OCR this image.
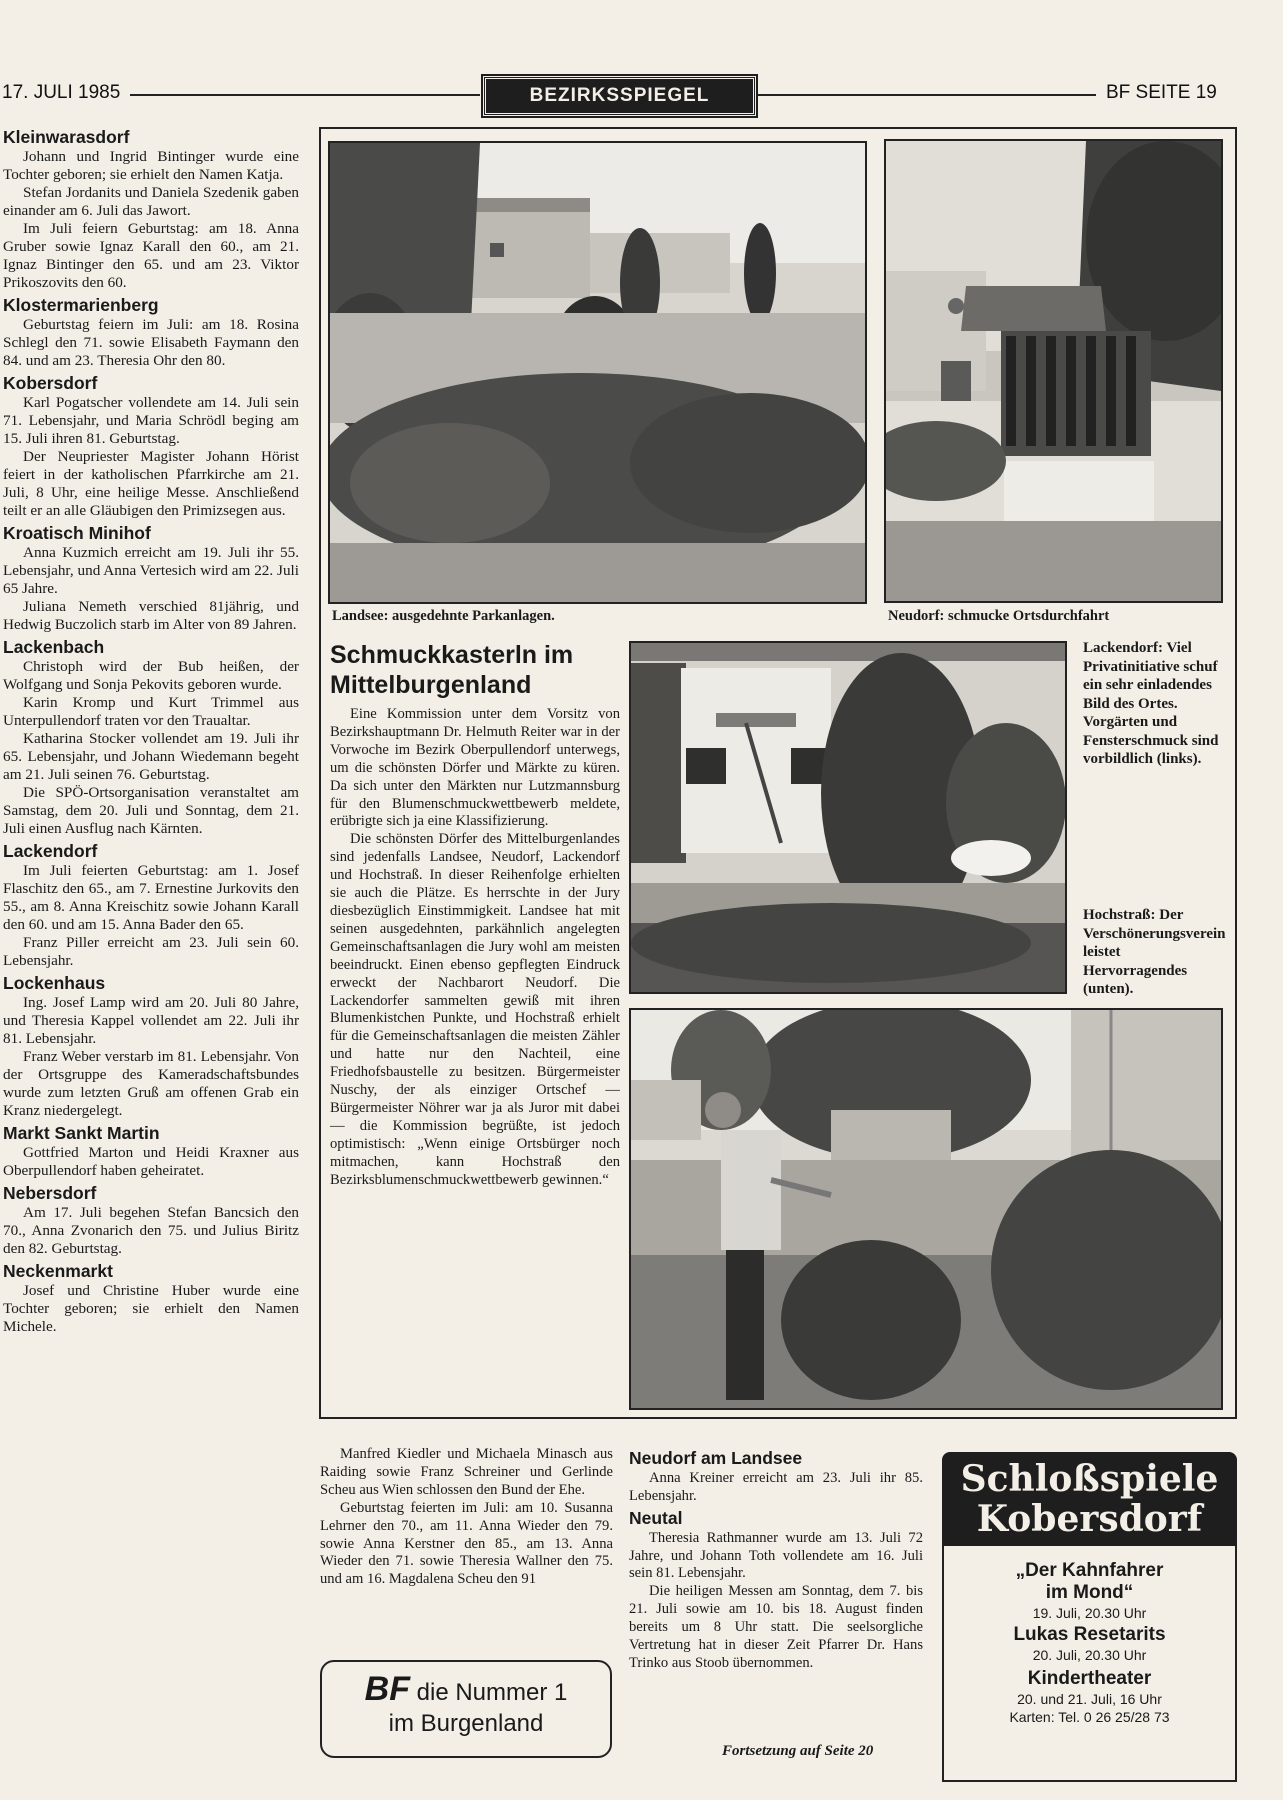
17. JULI 1985	BF SEITE 19
BEZIRKSSPIEGEL
Kleinwarasdorf

Johann und Ingrid Bintinger wurde eine Tochter geboren; sie erhielt den Namen Katja.

Stefan Jordanits und Daniela Szedenik gaben einander am 6. Juli das Jawort.

Im Juli feiern Geburtstag: am 18. Anna Gruber sowie Ignaz Karall den 60., am 21. Ignaz Bintinger den 65. und am 23. Viktor Prikoszovits den 60.

Klostermarienberg

Geburtstag feiern im Juli: am 18. Rosina Schlegl den 71. sowie Elisabeth Faymann den 84. und am 23. Theresia Ohr den 80.

Kobersdorf

Karl Pogatscher vollendete am 14. Juli sein 71. Lebensjahr, und Maria Schrödl beging am 15. Juli ihren 81. Geburtstag.

Der Neupriester Magister Johann Hörist feiert in der katholischen Pfarrkirche am 21. Juli, 8 Uhr, eine heilige Messe. Anschließend teilt er an alle Gläubigen den Primizsegen aus.

Kroatisch Minihof

Anna Kuzmich erreicht am 19. Juli ihr 55. Lebensjahr, und Anna Vertesich wird am 22. Juli 65 Jahre.

Juliana Nemeth verschied 81jährig, und Hedwig Buczolich starb im Alter von 89 Jahren.

Lackenbach

Christoph wird der Bub heißen, der Wolfgang und Sonja Pekovits geboren wurde.

Karin Kromp und Kurt Trimmel aus Unterpullendorf traten vor den Traualtar.

Katharina Stocker vollendet am 19. Juli ihr 65. Lebensjahr, und Johann Wiedemann begeht am 21. Juli seinen 76. Geburtstag.

Die SPÖ-Ortsorganisation veranstaltet am Samstag, dem 20. Juli und Sonntag, dem 21. Juli einen Ausflug nach Kärnten.

Lackendorf

Im Juli feierten Geburtstag: am 1. Josef Flaschitz den 65., am 7. Ernestine Jurkovits den 55., am 8. Anna Kreischitz sowie Johann Karall den 60. und am 15. Anna Bader den 65.

Franz Piller erreicht am 23. Juli sein 60. Lebensjahr.

Lockenhaus

Ing. Josef Lamp wird am 20. Juli 80 Jahre, und Theresia Kappel vollendet am 22. Juli ihr 81. Lebensjahr.

Franz Weber verstarb im 81. Lebensjahr. Von der Ortsgruppe des Kameradschaftsbundes wurde zum letzten Gruß am offenen Grab ein Kranz niedergelegt.

Markt Sankt Martin

Gottfried Marton und Heidi Kraxner aus Oberpullendorf haben geheiratet.

Nebersdorf

Am 17. Juli begehen Stefan Bancsich den 70., Anna Zvonarich den 75. und Julius Biritz den 82. Geburtstag.

Neckenmarkt

Josef und Christine Huber wurde eine Tochter geboren; sie erhielt den Namen Michele.

Landsee: ausgedehnte Parkanlagen.	Neudorf: schmucke Ortsdurchfahrt
Schmuckkasterln im Mittelburgenland

Eine Kommission unter dem Vorsitz von Bezirkshauptmann Dr. Helmuth Reiter war in der Vorwoche im Bezirk Oberpullendorf unterwegs, um die schönsten Dörfer und Märkte zu küren. Da sich unter den Märkten nur Lutzmannsburg für den Blumenschmuckwettbewerb meldete, erübrigte sich ja eine Klassifizierung.

Die schönsten Dörfer des Mittelburgenlandes sind jedenfalls Landsee, Neudorf, Lackendorf und Hochstraß. In dieser Reihenfolge erhielten sie auch die Plätze. Es herrschte in der Jury diesbezüglich Einstimmigkeit. Landsee hat mit seinen ausgedehnten, parkähnlich angelegten Gemeinschaftsanlagen die Jury wohl am meisten beeindruckt. Einen ebenso gepflegten Eindruck erweckt der Nachbarort Neudorf. Die Lackendorfer sammelten gewiß mit ihren Blumenkistchen Punkte, und Hochstraß erhielt für die Gemeinschaftsanlagen die meisten Zähler und hatte nur den Nachteil, eine Friedhofsbaustelle zu besitzen. Bürgermeister Nuschy, der als einziger Ortschef — Bürgermeister Nöhrer war ja als Juror mit dabei — die Kommission begrüßte, ist jedoch optimistisch: „Wenn einige Ortsbürger noch mitmachen, kann Hochstraß den Bezirksblumenschmuckwettbewerb gewinnen.“

Lackendorf: Viel Privatinitiative schuf ein sehr einladendes Bild des Ortes. Vorgärten und Fensterschmuck sind vorbildlich (links).
Hochstraß: Der Verschönerungsverein leistet Hervorragendes (unten).

Manfred Kiedler und Michaela Minasch aus Raiding sowie Franz Schreiner und Gerlinde Scheu aus Wien schlossen den Bund der Ehe.

Geburtstag feierten im Juli: am 10. Susanna Lehrner den 70., am 11. Anna Wieder den 79. sowie Anna Kerstner den 85., am 13. Anna Wieder den 71. sowie Theresia Wallner den 75. und am 16. Magdalena Scheu den 91

BF die Nummer 1
im Burgenland
Neudorf am Landsee

Anna Kreiner erreicht am 23. Juli ihr 85. Lebensjahr.

Neutal

Theresia Rathmanner wurde am 13. Juli 72 Jahre, und Johann Toth vollendete am 16. Juli sein 81. Lebensjahr.

Die heiligen Messen am Sonntag, dem 7. bis 21. Juli sowie am 10. bis 18. August finden bereits um 8 Uhr statt. Die seelsorgliche Vertretung hat in dieser Zeit Pfarrer Dr. Hans Trinko aus Stoob übernommen.

Fortsetzung auf Seite 20
Schloßspiele
Kobersdorf
„Der Kahnfahrer im Mond“
19. Juli, 20.30 Uhr
Lukas Resetarits
20. Juli, 20.30 Uhr
Kindertheater
20. und 21. Juli, 16 Uhr
Karten: Tel. 0 26 25/28 73
